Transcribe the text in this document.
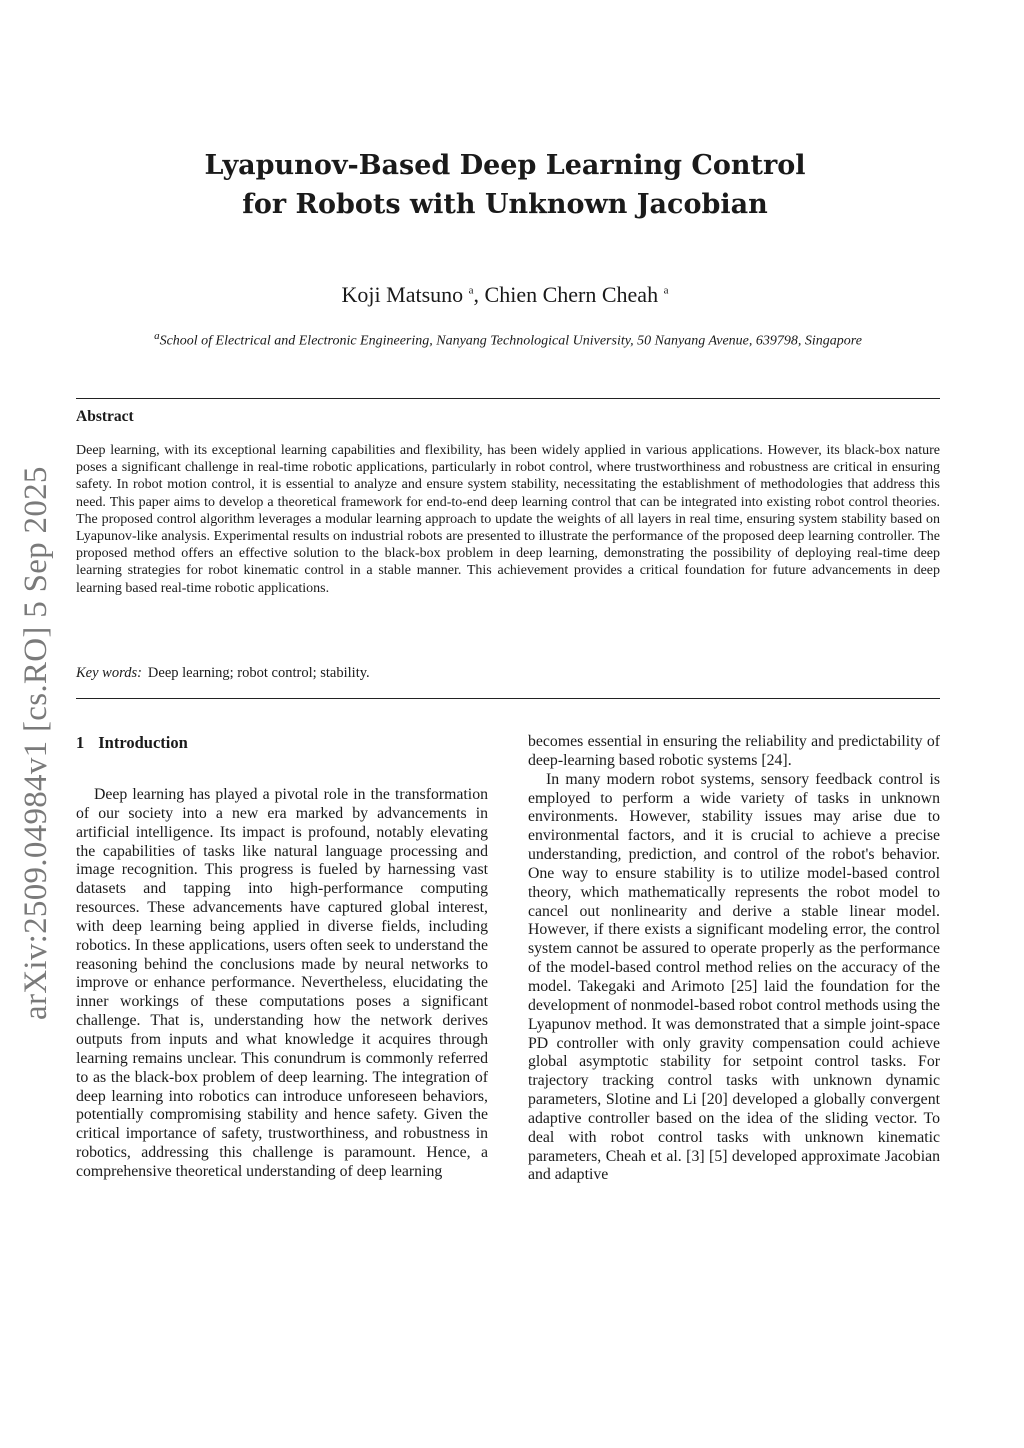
arXiv:2509.04984v1 [cs.RO] 5 Sep 2025
Lyapunov-Based Deep Learning Control
for Robots with Unknown Jacobian
Koji Matsuno $^a$, Chien Chern Cheah $^a$
$^a$School of Electrical and Electronic Engineering, Nanyang Technological University, 50 Nanyang Avenue, 639798, Singapore
Abstract
Deep learning, with its exceptional learning capabilities and flexibility, has been widely applied in various applications. However, its black-box nature poses a significant challenge in real-time robotic applications, particularly in robot control, where trustworthiness and robustness are critical in ensuring safety. In robot motion control, it is essential to analyze and ensure system stability, necessitating the establishment of methodologies that address this need. This paper aims to develop a theoretical framework for end-to-end deep learning control that can be integrated into existing robot control theories. The proposed control algorithm leverages a modular learning approach to update the weights of all layers in real time, ensuring system stability based on Lyapunov-like analysis. Experimental results on industrial robots are presented to illustrate the performance of the proposed deep learning controller. The proposed method offers an effective solution to the black-box problem in deep learning, demonstrating the possibility of deploying real-time deep learning strategies for robot kinematic control in a stable manner. This achievement provides a critical foundation for future advancements in deep learning based real-time robotic applications.
Key words: Deep learning; robot control; stability.
1 Introduction

Deep learning has played a pivotal role in the transformation of our society into a new era marked by advancements in artificial intelligence. Its impact is profound, notably elevating the capabilities of tasks like natural language processing and image recognition. This progress is fueled by harnessing vast datasets and tapping into high-performance computing resources. These advancements have captured global interest, with deep learning being applied in diverse fields, including robotics. In these applications, users often seek to understand the reasoning behind the conclusions made by neural networks to improve or enhance performance. Nevertheless, elucidating the inner workings of these computations poses a significant challenge. That is, understanding how the network derives outputs from inputs and what knowledge it acquires through learning remains unclear. This conundrum is commonly referred to as the black-box problem of deep learning. The integration of deep learning into robotics can introduce unforeseen behaviors, potentially compromising stability and hence safety. Given the critical importance of safety, trustworthiness, and robustness in robotics, addressing this challenge is paramount. Hence, a comprehensive theoretical understanding of deep learning

becomes essential in ensuring the reliability and predictability of deep-learning based robotic systems [24].

In many modern robot systems, sensory feedback control is employed to perform a wide variety of tasks in unknown environments. However, stability issues may arise due to environmental factors, and it is crucial to achieve a precise understanding, prediction, and control of the robot's behavior. One way to ensure stability is to utilize model-based control theory, which mathematically represents the robot model to cancel out nonlinearity and derive a stable linear model. However, if there exists a significant modeling error, the control system cannot be assured to operate properly as the performance of the model-based control method relies on the accuracy of the model. Takegaki and Arimoto [25] laid the foundation for the development of nonmodel-based robot control methods using the Lyapunov method. It was demonstrated that a simple joint-space PD controller with only gravity compensation could achieve global asymptotic stability for setpoint control tasks. For trajectory tracking control tasks with unknown dynamic parameters, Slotine and Li [20] developed a globally convergent adaptive controller based on the idea of the sliding vector. To deal with robot control tasks with unknown kinematic parameters, Cheah et al. [3] [5] developed approximate Jacobian and adaptive
